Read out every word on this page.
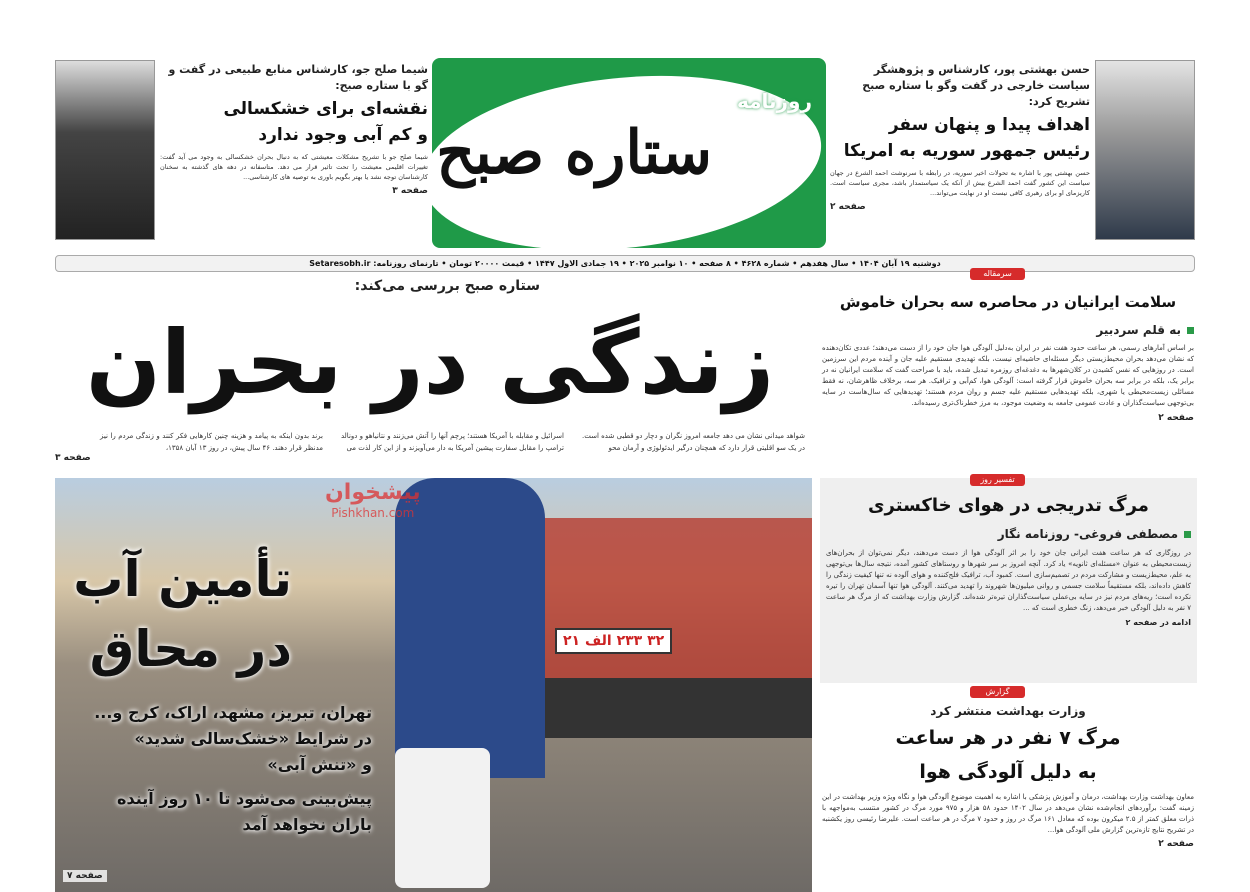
شیما صلح جو، کارشناس منابع طبیعی در گفت و گو با ستاره صبح:
نقشه‌ای برای خشکسالی
و کم آبی وجود ندارد
شیما صلح جو با تشریح مشکلات معیشتی که به دنبال بحران خشکسالی به وجود می آید گفت: تغییرات اقلیمی معیشت را تحت تاثیر قرار می دهد. متاسفانه در دهه های گذشته به سخنان کارشناسان توجه نشد یا بهتر بگویم باوری به توصیه های کارشناسی...
صفحه ۳
ستاره صبح
روزنامه
حسن بهشتی پور، کارشناس و پژوهشگر سیاست خارجی در گفت وگو با ستاره صبح تشریح کرد:
اهداف پیدا و پنهان سفر
رئیس جمهور سوریه به امریکا
حسن بهشتی پور با اشاره به تحولات اخیر سوریه، در رابطه با سرنوشت احمد الشرع در جهان سیاست این کشور گفت احمد الشرع بیش از آنکه یک سیاستمدار باشد، مجری سیاست است. کاریزمای او برای رهبری کافی نیست او در نهایت می‌تواند...
صفحه ۲
دوشنبه ۱۹ آبان ۱۴۰۴ • سال هفدهم • شماره ۴۶۲۸ • ۸ صفحه • ۱۰ نوامبر ۲۰۲۵ • ۱۹ جمادی الاول ۱۴۴۷ • قیمت ۲۰۰۰۰ تومان • تارنمای روزنامه: Setaresobh.ir
ستاره صبح بررسی می‌کند:
زندگی در بحران
شواهد میدانی نشان می دهد جامعه امروز نگران و دچار دو قطبی شده است. در یک سو اقلیتی قرار دارد که همچنان درگیر ایدئولوژی و آرمان محو
اسرائیل و مقابله با آمریکا هستند؛ پرچم آنها را آتش می‌زنند و نتانیاهو و دونالد ترامپ را مقابل سفارت پیشین آمریکا به دار می‌آویزند و از این کار لذت می
برند بدون اینکه به پیامد و هزینه چنین کارهایی فکر کنند و زندگی مردم را نیز مدنظر قرار دهند. ۴۶ سال پیش، در روز ۱۳ آبان ۱۳۵۸،
صفحه ۳
۳۲ ۲۳۳ الف ۲۱
تأمین آب
در محاق
تهران، تبریز، مشهد، اراک، کرج و...
در شرایط «خشک‌سالی شدید»
و «تنش آبی»
پیش‌بینی می‌شود تا ۱۰ روز آینده
باران نخواهد آمد
صفحه ۷
پیشخوان
Pishkhan.com
سرمقاله
سلامت ایرانیان در محاصره سه بحران خاموش
به قلم سردبیر
بر اساس آمارهای رسمی، هر ساعت حدود هفت نفر در ایران به‌دلیل آلودگی هوا جان خود را از دست می‌دهند؛ عددی تکان‌دهنده که نشان می‌دهد بحران محیط‌زیستی دیگر مسئله‌ای حاشیه‌ای نیست، بلکه تهدیدی مستقیم علیه جان و آینده مردم این سرزمین است. در روزهایی که نفس کشیدن در کلان‌شهرها به دغدغه‌ای روزمره تبدیل شده، باید با صراحت گفت که سلامت ایرانیان نه در برابر یک، بلکه در برابر سه بحران خاموش قرار گرفته است: آلودگی هوا، کم‌آبی و ترافیک. هر سه، برخلاف ظاهرشان، نه فقط مسائلی زیست‌محیطی یا شهری، بلکه تهدیدهایی مستقیم علیه جسم و روان مردم هستند؛ تهدیدهایی که سال‌هاست در سایه بی‌توجهی سیاست‌گذاران و عادت عمومی جامعه به وضعیت موجود، به مرز خطرناک‌تری رسیده‌اند.
صفحه ۲
تفسیر روز
مرگ تدریجی در هوای خاکستری
مصطفی فروغی- روزنامه نگار
در روزگاری که هر ساعت هفت ایرانی جان خود را بر اثر آلودگی هوا از دست می‌دهند، دیگر نمی‌توان از بحران‌های زیست‌محیطی به عنوان «مسئله‌ای ثانویه» یاد کرد. آنچه امروز بر سر شهرها و روستاهای کشور آمده، نتیجه سال‌ها بی‌توجهی به علم، محیط‌زیست و مشارکت مردم در تصمیم‌سازی است. کمبود آب، ترافیک فلج‌کننده و هوای آلوده نه تنها کیفیت زندگی را کاهش داده‌اند، بلکه مستقیماً سلامت جسمی و روانی میلیون‌ها شهروند را تهدید می‌کنند. آلودگی هوا تنها آسمان تهران را تیره نکرده است؛ ریه‌های مردم نیز در سایه بی‌عملی سیاست‌گذاران تیره‌تر شده‌اند. گزارش وزارت بهداشت که از مرگ هر ساعت ۷ نفر به دلیل آلودگی خبر می‌دهد، زنگ خطری است که ...
ادامه در صفحه ۲
گزارش
وزارت بهداشت منتشر کرد
مرگ ۷ نفر در هر ساعت
به دلیل آلودگی هوا
معاون بهداشت وزارت بهداشت، درمان و آموزش پزشکی با اشاره به اهمیت موضوع آلودگی هوا و نگاه ویژه وزیر بهداشت در این زمینه گفت: برآوردهای انجام‌شده نشان می‌دهد در سال ۱۴۰۲ حدود ۵۸ هزار و ۹۷۵ مورد مرگ در کشور منتسب به‌مواجهه با ذرات معلق کمتر از ۲.۵ میکرون بوده که معادل ۱۶۱ مرگ در روز و حدود ۷ مرگ در هر ساعت است. علیرضا رئیسی روز یکشنبه در تشریح نتایج تازه‌ترین گزارش ملی آلودگی هوا...
صفحه ۲
